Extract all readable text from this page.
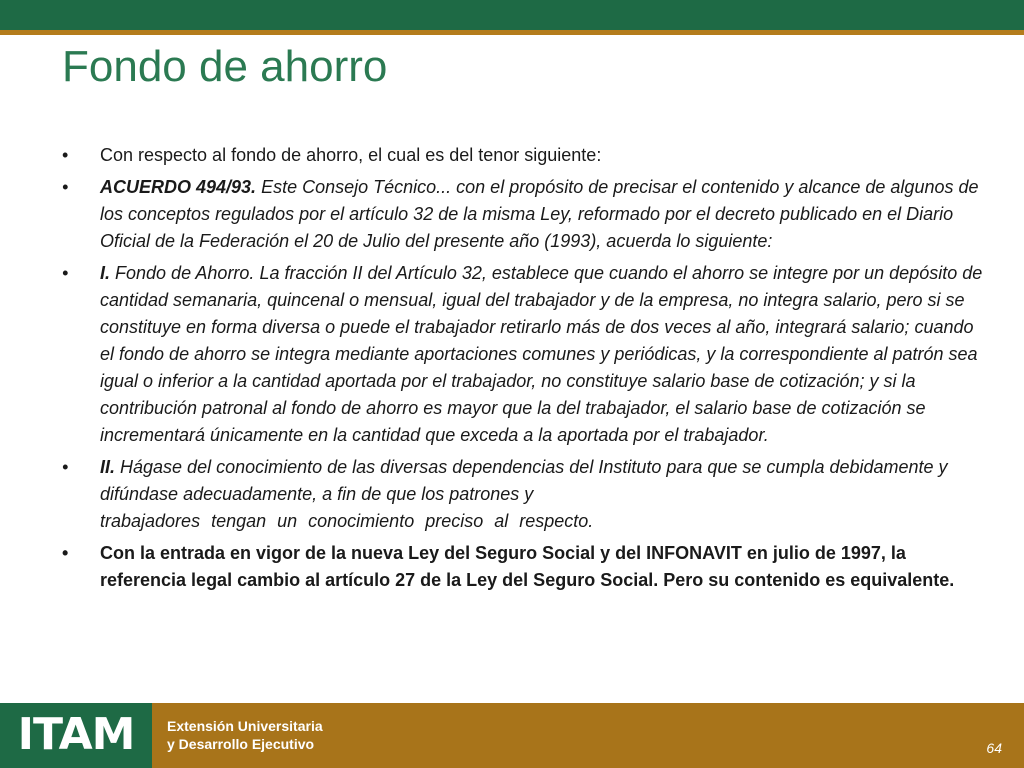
Fondo de ahorro
•	Con respecto al fondo de ahorro, el cual es del tenor siguiente:
•	ACUERDO 494/93. Este Consejo Técnico... con el propósito de precisar el contenido y alcance de algunos de los conceptos regulados por el artículo 32 de la misma Ley, reformado por el decreto publicado en el Diario Oficial de la Federación el 20 de Julio del presente año (1993), acuerda lo siguiente:
•	I. Fondo de Ahorro. La fracción II del Artículo 32, establece que cuando el ahorro se integre por un depósito de cantidad semanaria, quincenal o mensual, igual del trabajador y de la empresa, no integra salario, pero si se constituye en forma diversa o puede el trabajador retirarlo más de dos veces al año, integrará salario; cuando el fondo de ahorro se integra mediante aportaciones comunes y periódicas, y la correspondiente al patrón sea igual o inferior a la cantidad aportada por el trabajador, no constituye salario base de cotización; y si la contribución patronal al fondo de ahorro es mayor que la del trabajador, el salario base de cotización se incrementará únicamente en la cantidad que exceda a la aportada por el trabajador.
•	II. Hágase del conocimiento de las diversas dependencias del Instituto para que se cumpla debidamente y difúndase adecuadamente, a fin de que los patrones y
trabajadores tengan un conocimiento preciso al respecto.
•	Con la entrada en vigor de la nueva Ley del Seguro Social y del INFONAVIT en julio de 1997, la referencia legal cambio al artículo 27 de la Ley del Seguro Social. Pero su contenido es equivalente.
ITAM	Extensión Universitaria
y Desarrollo Ejecutivo	64
